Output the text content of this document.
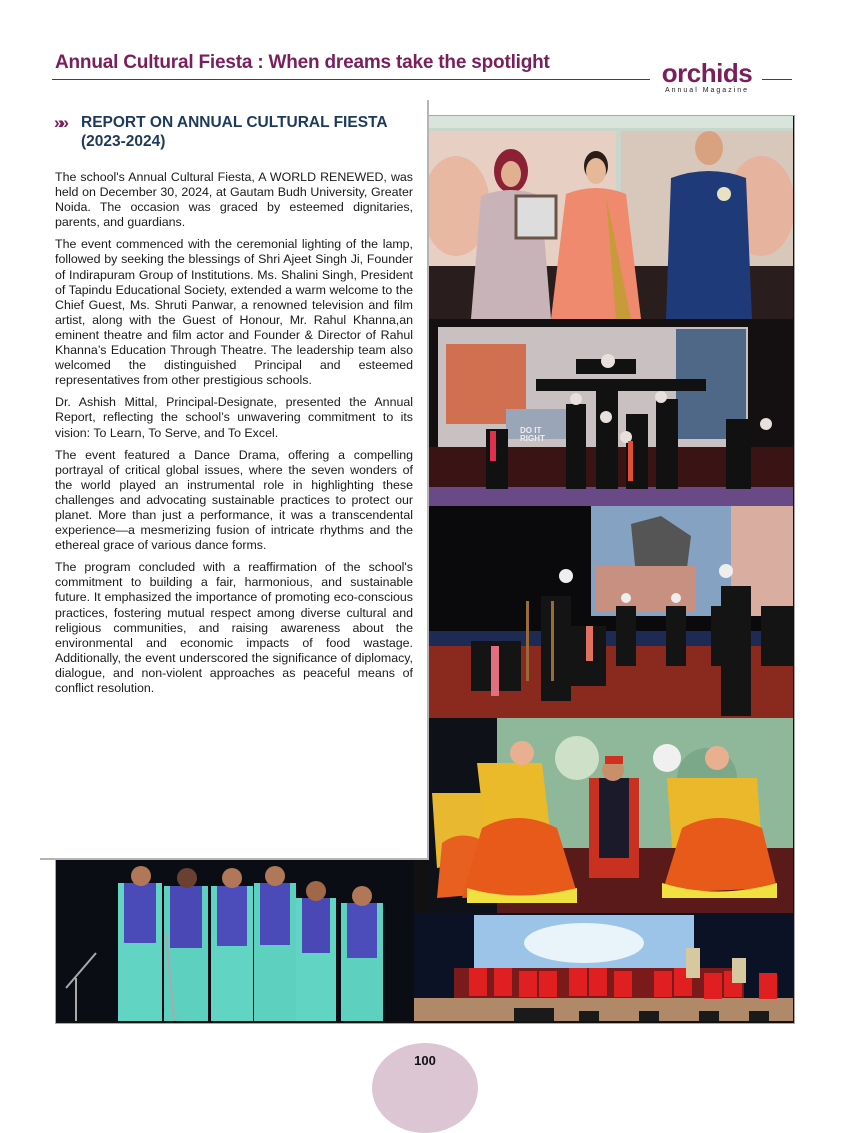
Annual Cultural Fiesta : When dreams take the spotlight	orchids
Annual Magazine
DO IT RIGHT
»»	REPORT ON ANNUAL CULTURAL FIESTA (2023-2024)

The school's Annual Cultural Fiesta, A WORLD RENEWED, was held on December 30, 2024, at Gautam Budh University, Greater Noida. The occasion was graced by esteemed dignitaries, parents, and guardians.

The event commenced with the ceremonial lighting of the lamp, followed by seeking the blessings of Shri Ajeet Singh Ji, Founder of Indirapuram Group of Institutions. Ms. Shalini Singh, President of Tapindu Educational Society, extended a warm welcome to the Chief Guest, Ms. Shruti Panwar, a renowned television and film artist, along with the Guest of Honour, Mr. Rahul Khanna,an eminent theatre and film actor and Founder & Director of Rahul Khanna’s Education Through Theatre. The leadership team also welcomed the distinguished Principal and esteemed representatives from other prestigious schools.

Dr. Ashish Mittal, Principal-Designate, presented the Annual Report, reflecting the school’s unwavering commitment to its vision: To Learn, To Serve, and To Excel.

The event featured a Dance Drama, offering a compelling portrayal of critical global issues, where the seven wonders of the world played an instrumental role in highlighting these challenges and advocating sustainable practices to protect our planet. More than just a performance, it was a transcendental experience—a mesmerizing fusion of intricate rhythms and the ethereal grace of various dance forms.

The program concluded with a reaffirmation of the school's commitment to building a fair, harmonious, and sustainable future. It emphasized the importance of promoting eco-conscious practices, fostering mutual respect among diverse cultural and religious communities, and raising awareness about the environmental and economic impacts of food wastage. Additionally, the event underscored the significance of diplomacy, dialogue, and non-violent approaches as peaceful means of conflict resolution.

100
